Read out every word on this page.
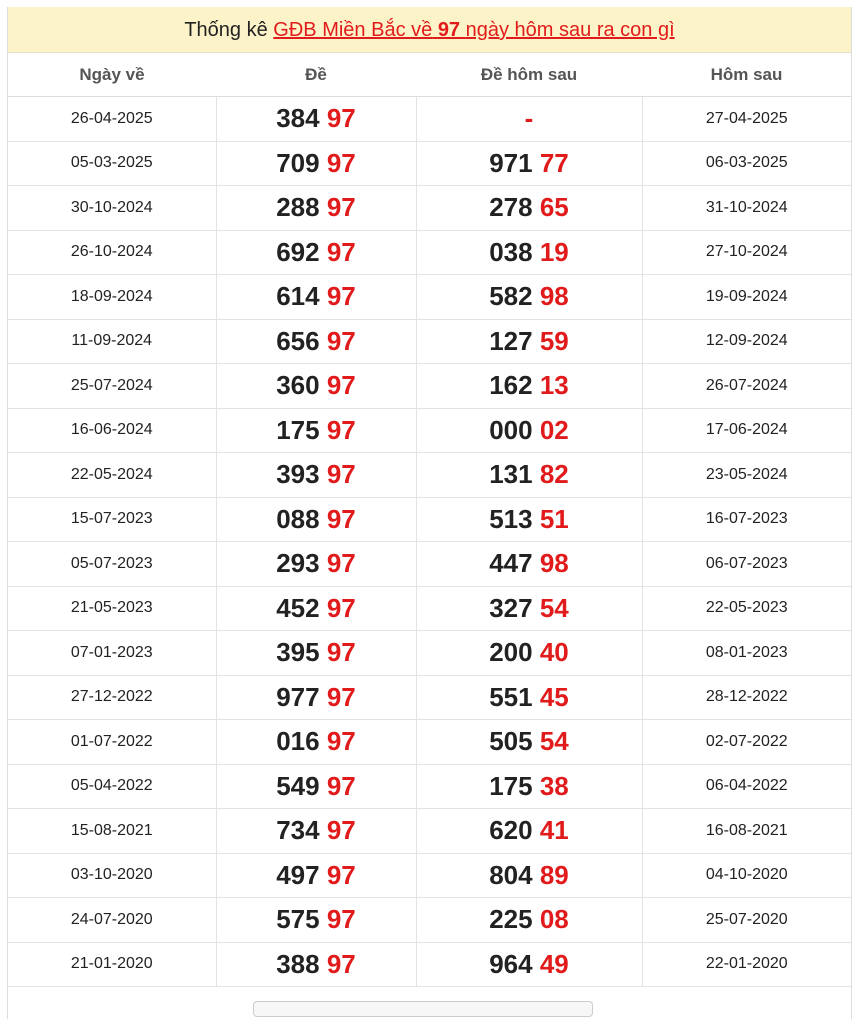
Thống kê GĐB Miền Bắc về 97 ngày hôm sau ra con gì
Ngày về	Đề	Đề hôm sau	Hôm sau
26-04-2025	384 97	-	27-04-2025
05-03-2025	709 97	971 77	06-03-2025
30-10-2024	288 97	278 65	31-10-2024
26-10-2024	692 97	038 19	27-10-2024
18-09-2024	614 97	582 98	19-09-2024
11-09-2024	656 97	127 59	12-09-2024
25-07-2024	360 97	162 13	26-07-2024
16-06-2024	175 97	000 02	17-06-2024
22-05-2024	393 97	131 82	23-05-2024
15-07-2023	088 97	513 51	16-07-2023
05-07-2023	293 97	447 98	06-07-2023
21-05-2023	452 97	327 54	22-05-2023
07-01-2023	395 97	200 40	08-01-2023
27-12-2022	977 97	551 45	28-12-2022
01-07-2022	016 97	505 54	02-07-2022
05-04-2022	549 97	175 38	06-04-2022
15-08-2021	734 97	620 41	16-08-2021
03-10-2020	497 97	804 89	04-10-2020
24-07-2020	575 97	225 08	25-07-2020
21-01-2020	388 97	964 49	22-01-2020
